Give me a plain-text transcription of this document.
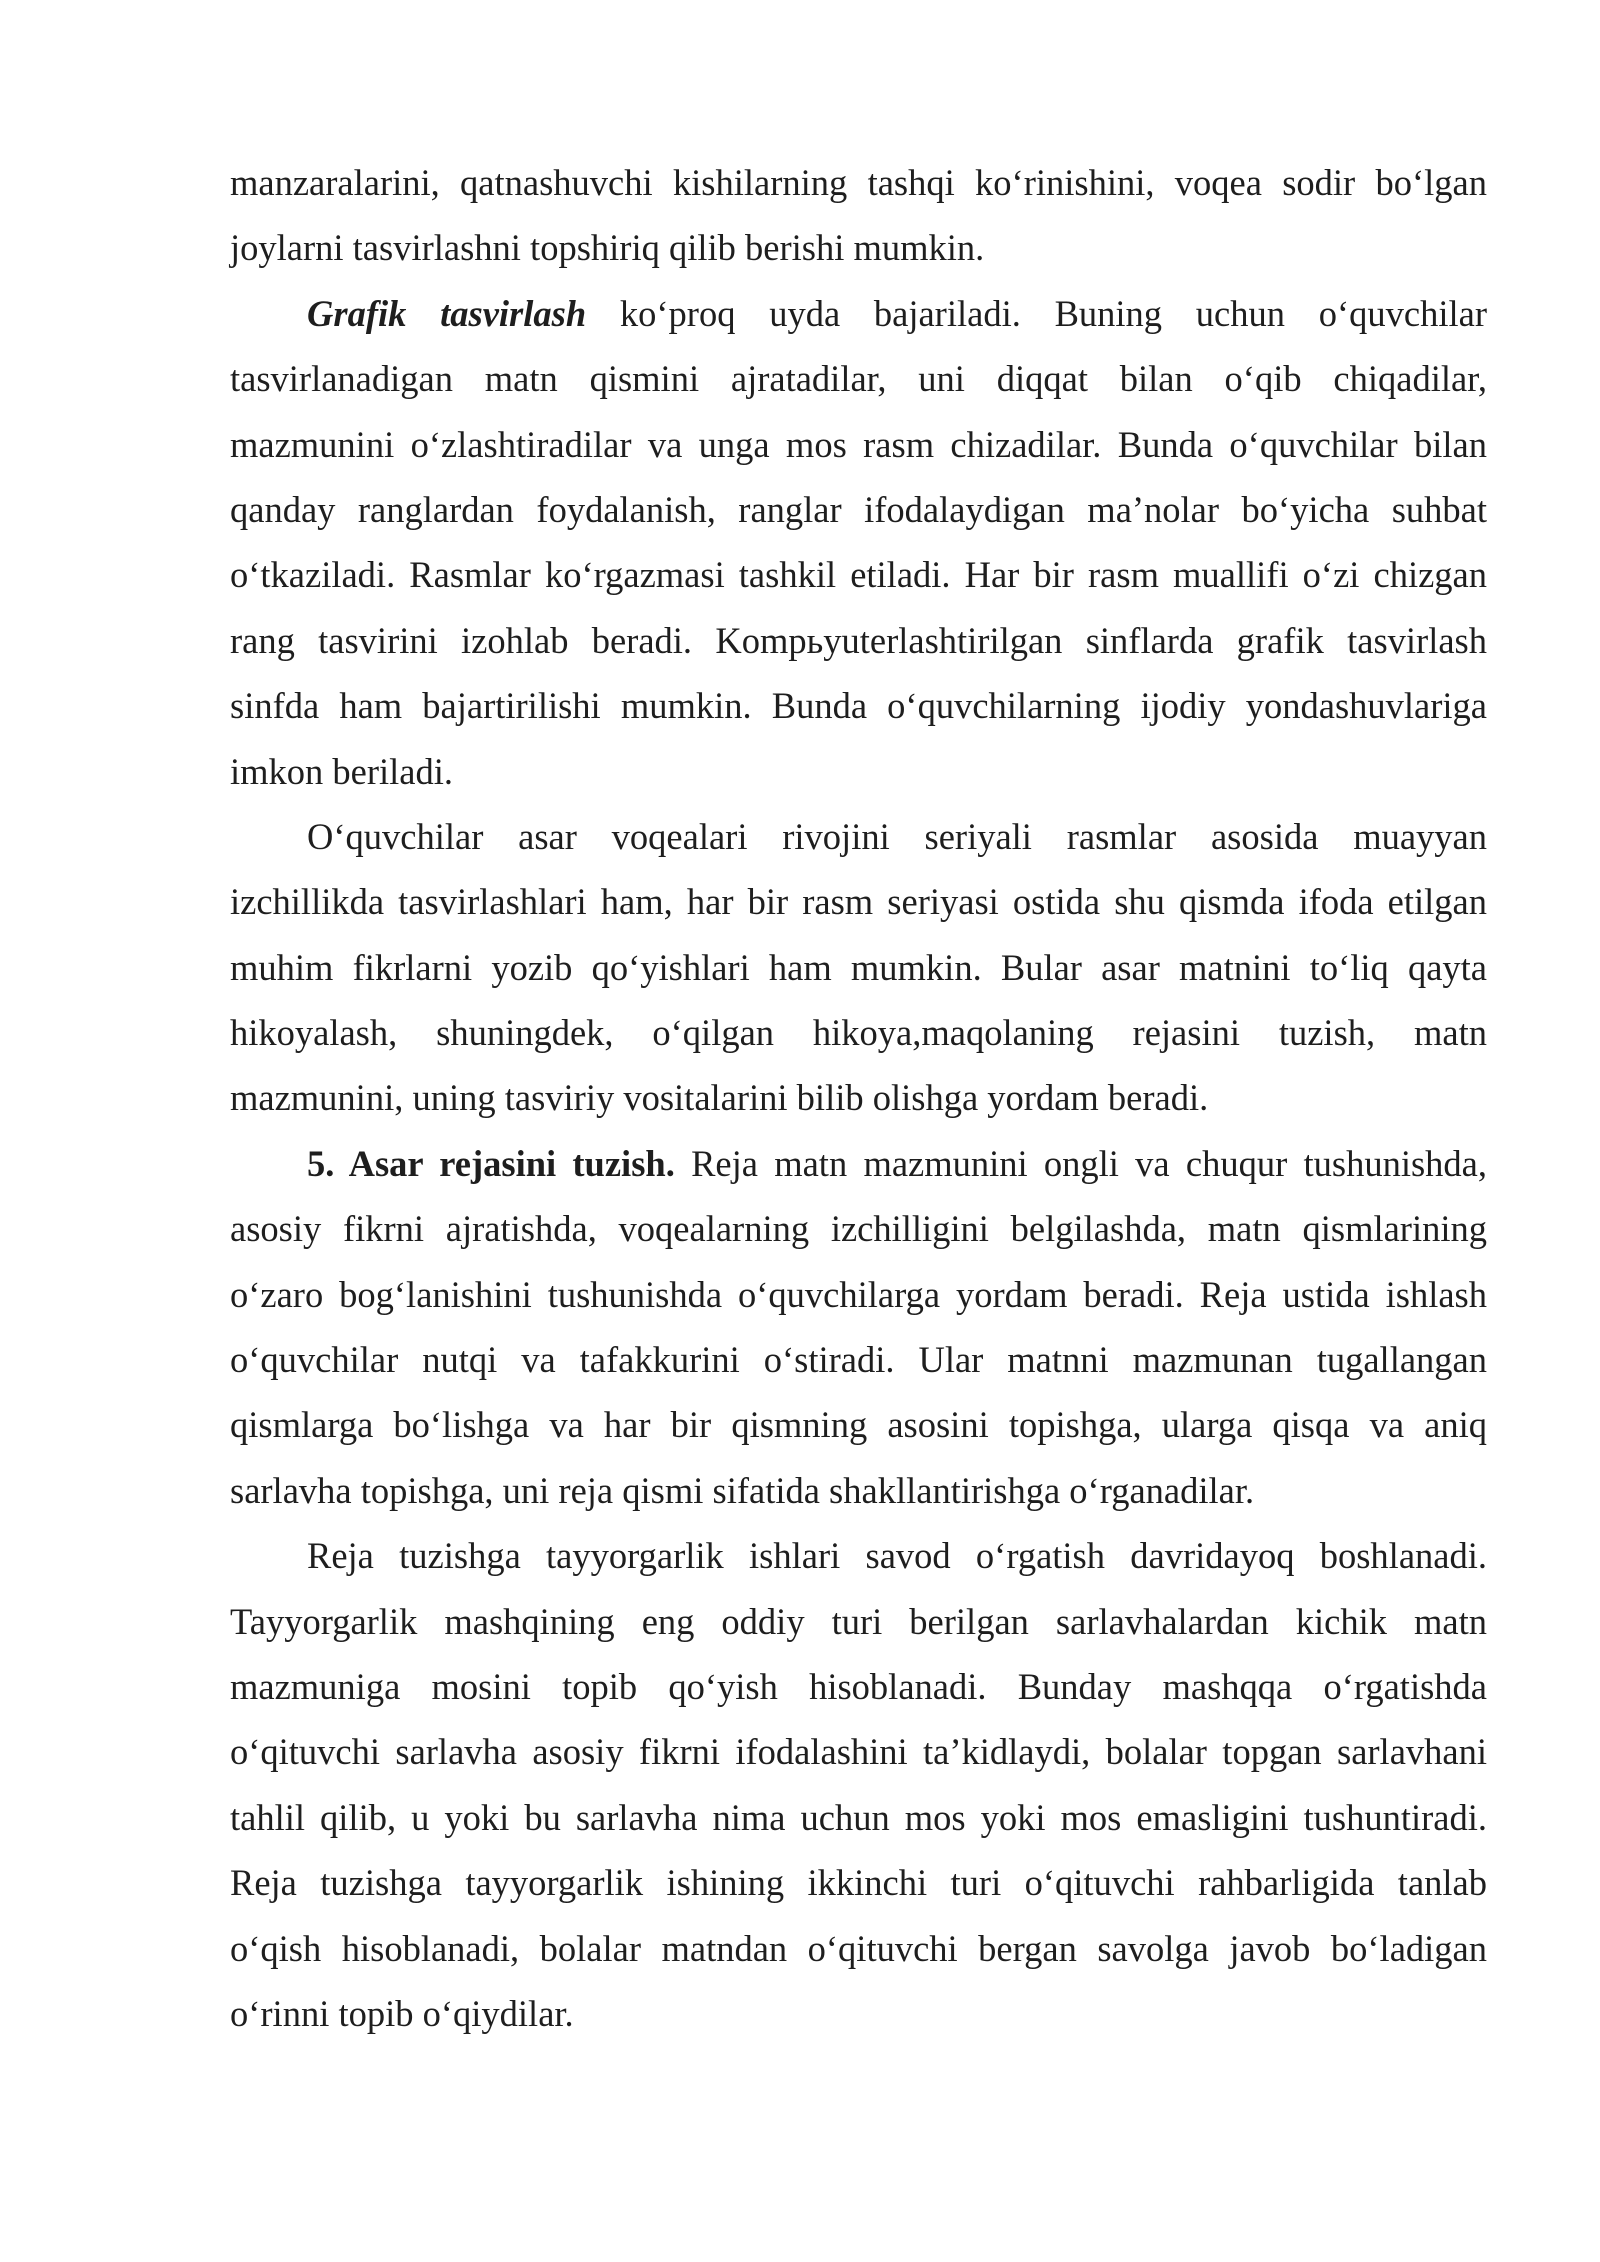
manzaralarini, qatnashuvchi kishilarning tashqi ko‘rinishini, voqea sodir bo‘lgan
joylarni tasvirlashni topshiriq qilib berishi mumkin.
Grafik tasvirlash ko‘proq uyda bajariladi. Buning uchun o‘quvchilar
tasvirlanadigan matn qismini ajratadilar, uni diqqat bilan o‘qib chiqadilar,
mazmunini o‘zlashtiradilar va unga mos rasm chizadilar. Bunda o‘quvchilar bilan
qanday ranglardan foydalanish, ranglar ifodalaydigan ma’nolar bo‘yicha suhbat
o‘tkaziladi. Rasmlar ko‘rgazmasi tashkil etiladi. Har bir rasm muallifi o‘zi chizgan
rang tasvirini izohlab beradi. Kompьyuterlashtirilgan sinflarda grafik tasvirlash
sinfda ham bajartirilishi mumkin. Bunda o‘quvchilarning ijodiy yondashuvlariga
imkon beriladi.
O‘quvchilar asar voqealari rivojini seriyali rasmlar asosida muayyan
izchillikda tasvirlashlari ham, har bir rasm seriyasi ostida shu qismda ifoda etilgan
muhim fikrlarni yozib qo‘yishlari ham mumkin. Bular asar matnini to‘liq qayta
hikoyalash, shuningdek, o‘qilgan hikoya,maqolaning rejasini tuzish, matn
mazmunini, uning tasviriy vositalarini bilib olishga yordam beradi.
5. Asar rejasini tuzish. Reja matn mazmunini ongli va chuqur tushunishda,
asosiy fikrni ajratishda, voqealarning izchilligini belgilashda, matn qismlarining
o‘zaro bog‘lanishini tushunishda o‘quvchilarga yordam beradi. Reja ustida ishlash
o‘quvchilar nutqi va tafakkurini o‘stiradi. Ular matnni mazmunan tugallangan
qismlarga bo‘lishga va har bir qismning asosini topishga, ularga qisqa va aniq
sarlavha topishga, uni reja qismi sifatida shakllantirishga o‘rganadilar.
Reja tuzishga tayyorgarlik ishlari savod o‘rgatish davridayoq boshlanadi.
Tayyorgarlik mashqining eng oddiy turi berilgan sarlavhalardan kichik matn
mazmuniga mosini topib qo‘yish hisoblanadi. Bunday mashqqa o‘rgatishda
o‘qituvchi sarlavha asosiy fikrni ifodalashini ta’kidlaydi, bolalar topgan sarlavhani
tahlil qilib, u yoki bu sarlavha nima uchun mos yoki mos emasligini tushuntiradi.
Reja tuzishga tayyorgarlik ishining ikkinchi turi o‘qituvchi rahbarligida tanlab
o‘qish hisoblanadi, bolalar matndan o‘qituvchi bergan savolga javob bo‘ladigan
o‘rinni topib o‘qiydilar.
